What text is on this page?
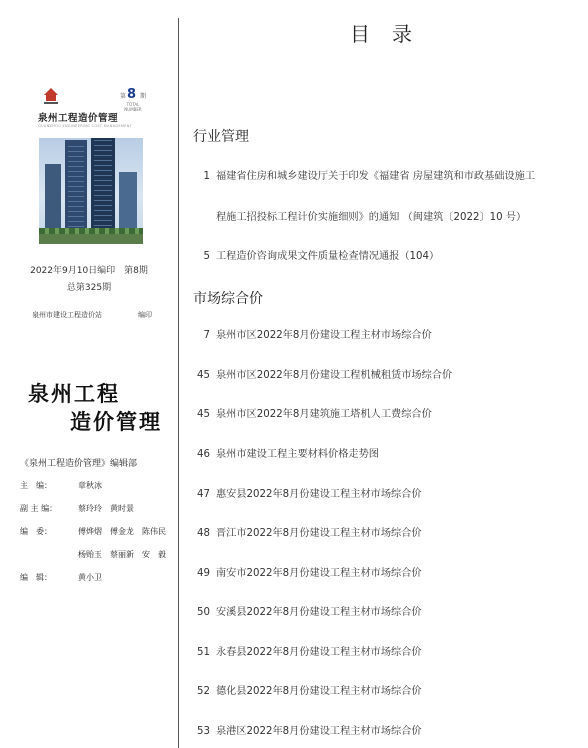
第 8 期
TOTAL NUMBER
泉州工程造价管理
QUANZHOU ENGINEERING COST MANAGEMENT
2022年9月10日编印　第8期
总第325期
泉州市建设工程造价站	编印
泉州工程
造价管理
《泉州工程造价管理》编辑部
主　编：	章秋冰
副 主 编：	蔡玲玲　黄时景
编　委：	傅烨熠　傅金龙　陈伟民
杨贻玉　蔡丽新　安　毅
编　辑：	黄小卫
目录
行业管理
1 福建省住房和城乡建设厅关于印发《福建省 房屋建筑和市政基础设施工
程施工招投标工程计价实施细则》的通知 （闽建筑〔2022〕10 号）
5 工程造价咨询成果文件质量检查情况通报（104）
市场综合价
7 泉州市区2022年8月份建设工程主材市场综合价
45 泉州市区2022年8月份建设工程机械租赁市场综合价
45 泉州市区2022年8月建筑施工塔机人工费综合价
46 泉州市建设工程主要材料价格走势图
47 惠安县2022年8月份建设工程主材市场综合价
48 晋江市2022年8月份建设工程主材市场综合价
49 南安市2022年8月份建设工程主材市场综合价
50 安溪县2022年8月份建设工程主材市场综合价
51 永春县2022年8月份建设工程主材市场综合价
52 德化县2022年8月份建设工程主材市场综合价
53 泉港区2022年8月份建设工程主材市场综合价
